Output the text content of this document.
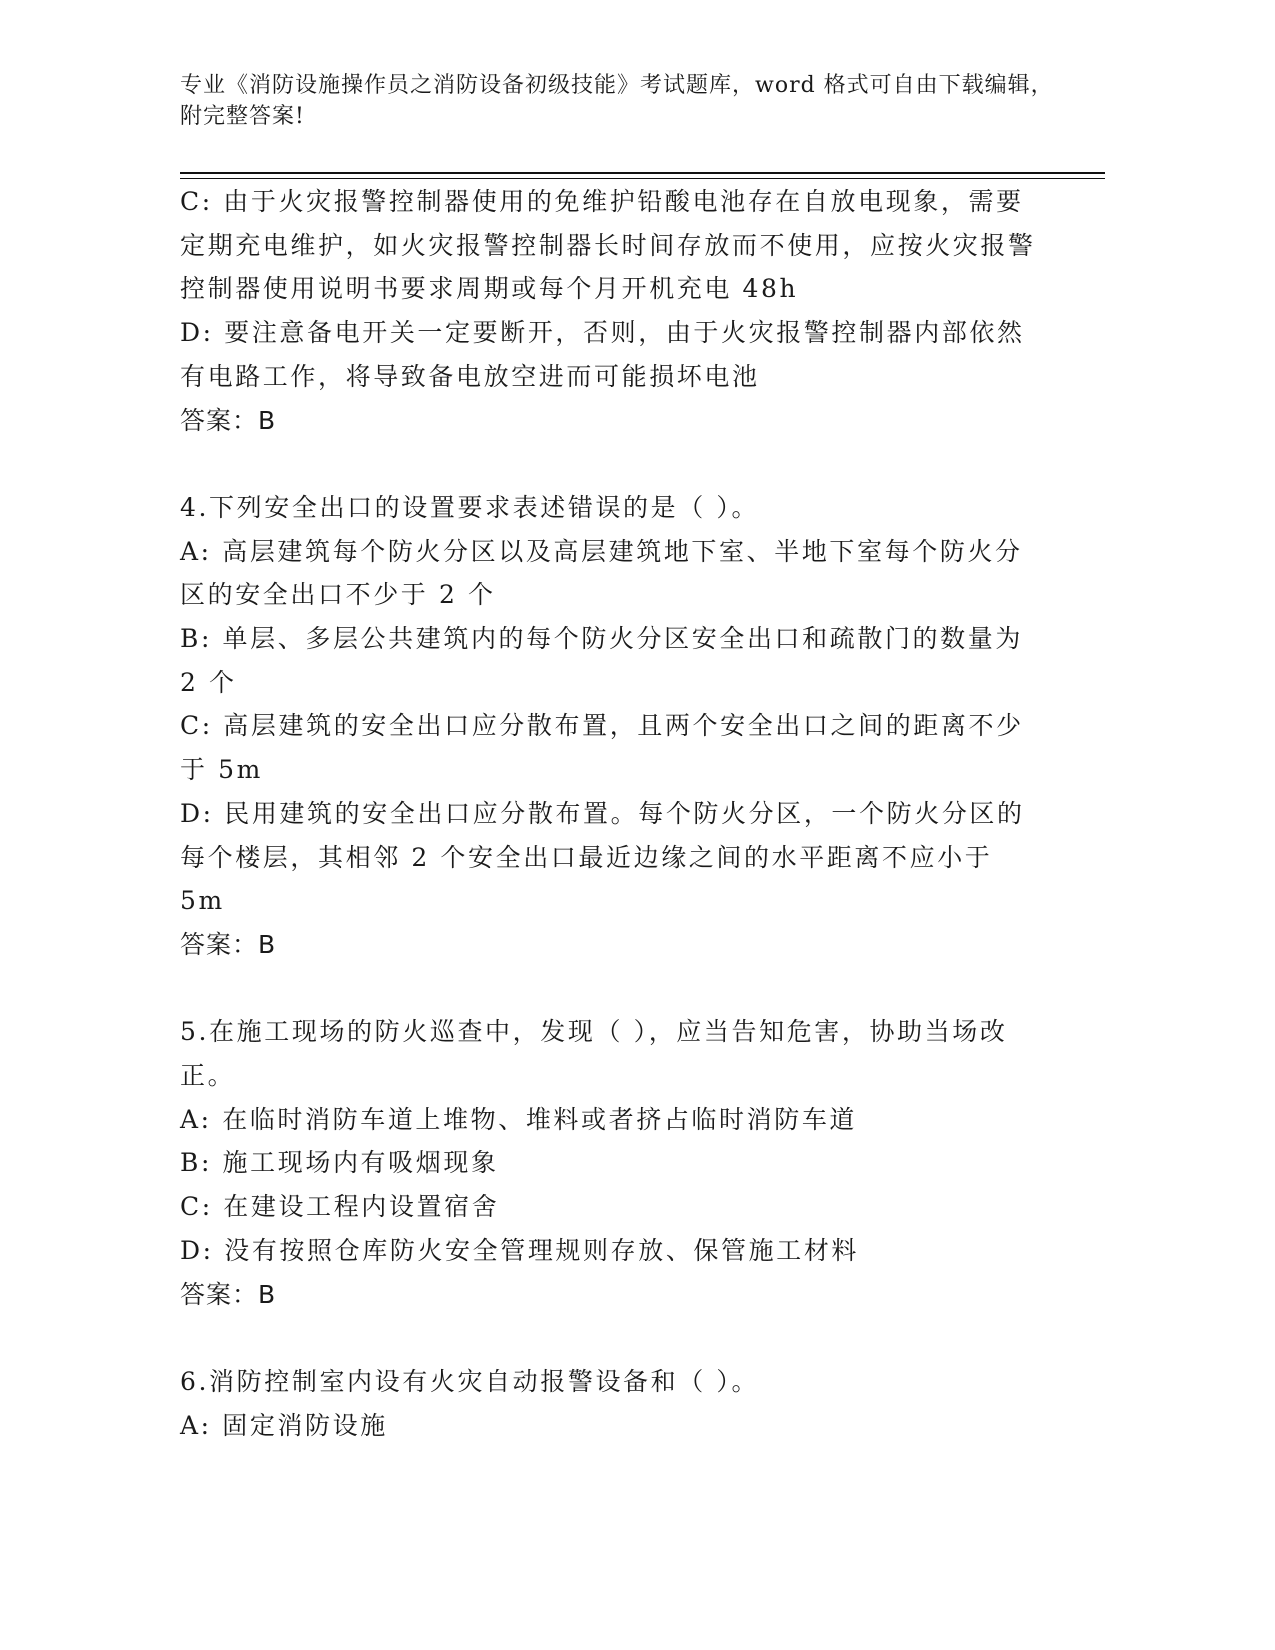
专业《消防设施操作员之消防设备初级技能》考试题库，word 格式可自由下载编辑，附完整答案!

C: 由于火灾报警控制器使用的免维护铅酸电池存在自放电现象，需要定期充电维护，如火灾报警控制器长时间存放而不使用，应按火灾报警控制器使用说明书要求周期或每个月开机充电 48h

D: 要注意备电开关一定要断开，否则，由于火灾报警控制器内部依然有电路工作，将导致备电放空进而可能损坏电池

答案：B

4.下列安全出口的设置要求表述错误的是（ ）。

A: 高层建筑每个防火分区以及高层建筑地下室、半地下室每个防火分区的安全出口不少于 2 个

B: 单层、多层公共建筑内的每个防火分区安全出口和疏散门的数量为 2 个

C: 高层建筑的安全出口应分散布置，且两个安全出口之间的距离不少于 5m

D: 民用建筑的安全出口应分散布置。每个防火分区，一个防火分区的每个楼层，其相邻 2 个安全出口最近边缘之间的水平距离不应小于 5m

答案：B

5.在施工现场的防火巡查中，发现（ ），应当告知危害，协助当场改正。

A: 在临时消防车道上堆物、堆料或者挤占临时消防车道

B: 施工现场内有吸烟现象

C: 在建设工程内设置宿舍

D: 没有按照仓库防火安全管理规则存放、保管施工材料

答案：B

6.消防控制室内设有火灾自动报警设备和（ ）。

A: 固定消防设施
